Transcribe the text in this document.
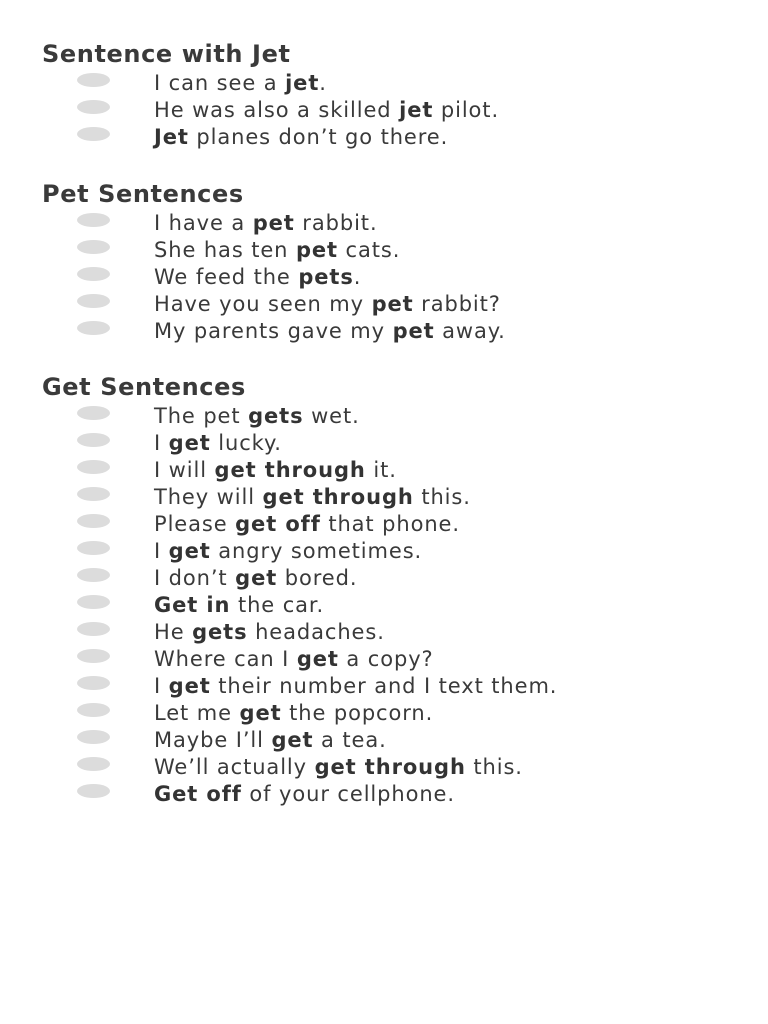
Sentence with Jet
I can see a jet.
He was also a skilled jet pilot.
Jet planes don’t go there.
Pet Sentences
I have a pet rabbit.
She has ten pet cats.
We feed the pets.
Have you seen my pet rabbit?
My parents gave my pet away.
Get Sentences
The pet gets wet.
I get lucky.
I will get through it.
They will get through this.
Please get off that phone.
I get angry sometimes.
I don’t get bored.
Get in the car.
He gets headaches.
Where can I get a copy?
I get their number and I text them.
Let me get the popcorn.
Maybe I’ll get a tea.
We’ll actually get through this.
Get off of your cellphone.
